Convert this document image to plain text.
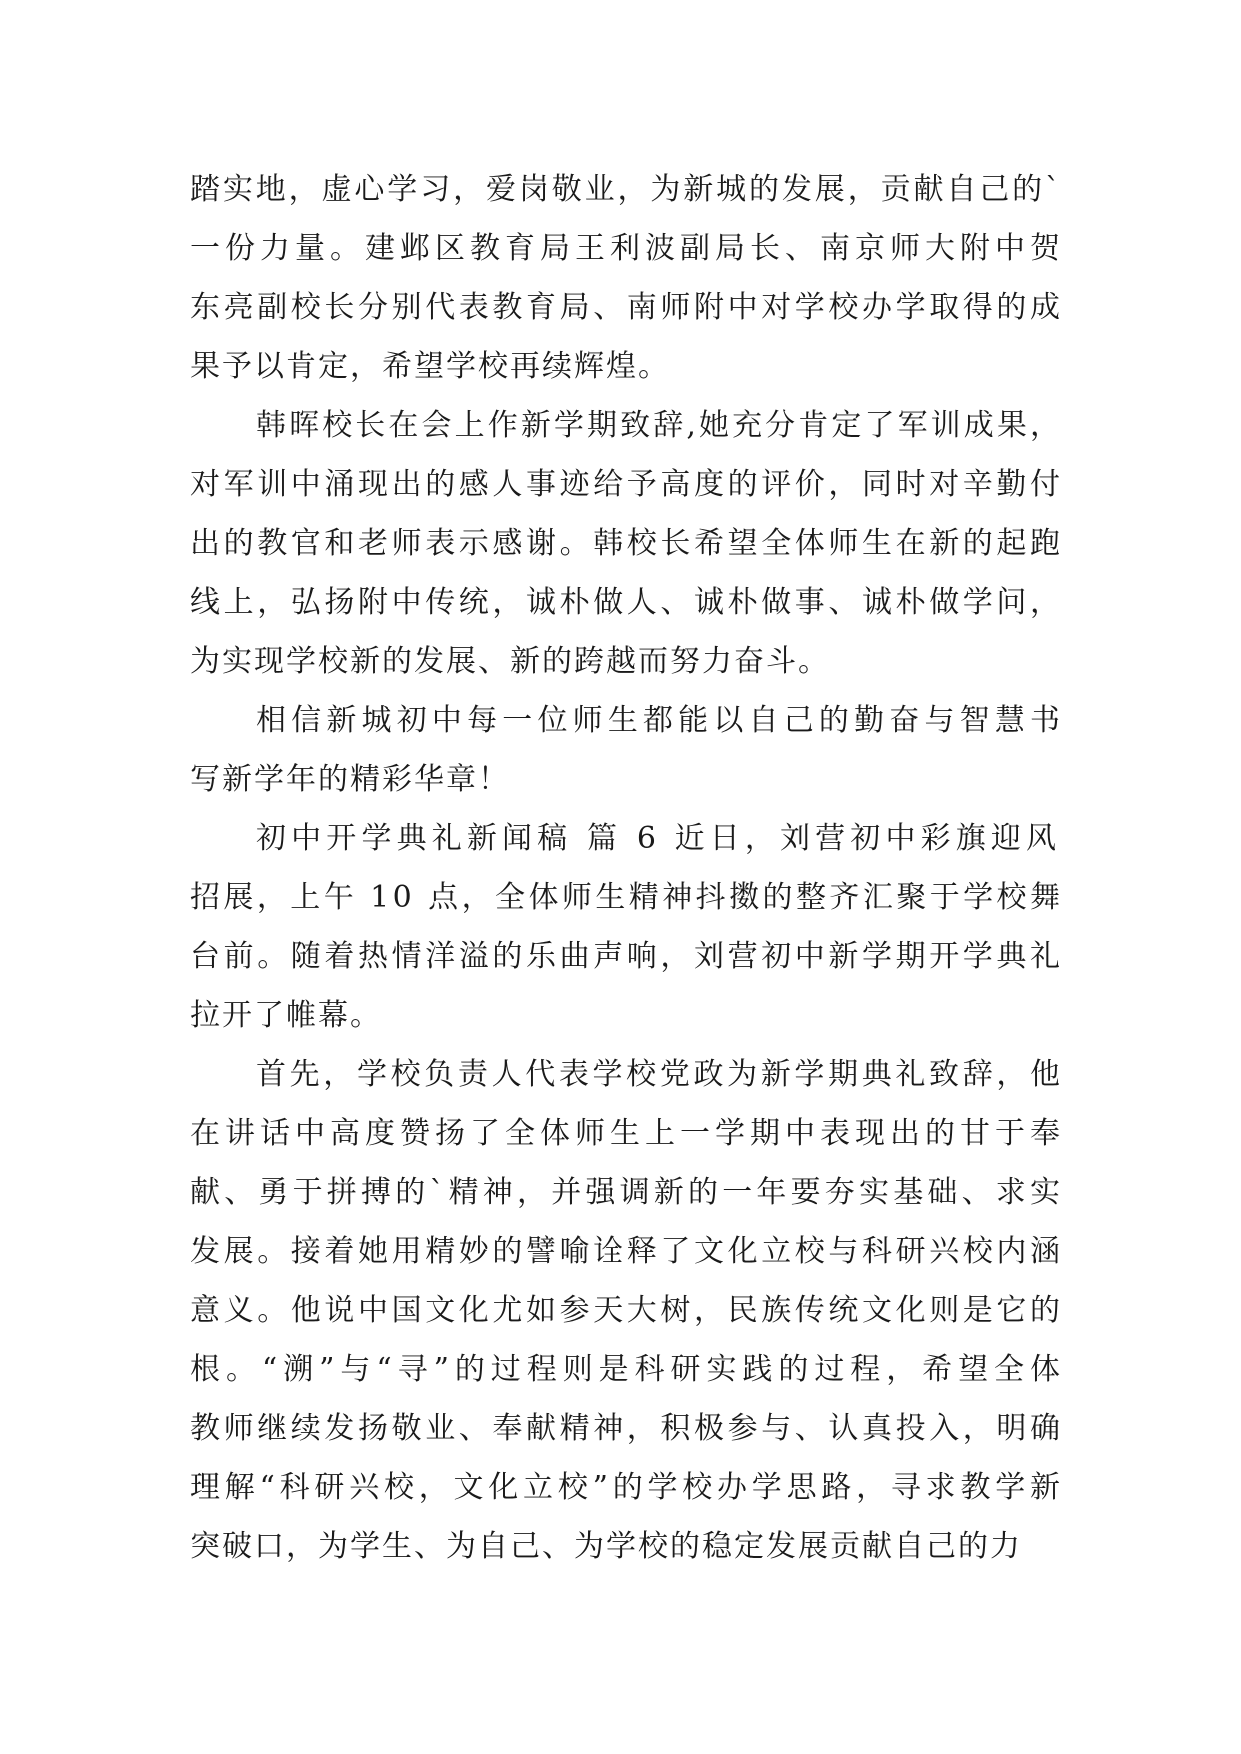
踏实地，虚心学习，爱岗敬业，为新城的发展，贡献自己的`
一份力量。建邺区教育局王利波副局长、南京师大附中贺
东亮副校长分别代表教育局、南师附中对学校办学取得的成
果予以肯定，希望学校再续辉煌。
韩晖校长在会上作新学期致辞,她充分肯定了军训成果，
对军训中涌现出的感人事迹给予高度的评价，同时对辛勤付
出的教官和老师表示感谢。韩校长希望全体师生在新的起跑
线上，弘扬附中传统，诚朴做人、诚朴做事、诚朴做学问，
为实现学校新的发展、新的跨越而努力奋斗。
相信新城初中每一位师生都能以自己的勤奋与智慧书
写新学年的精彩华章！
初中开学典礼新闻稿 篇 6 近日，刘营初中彩旗迎风
招展，上午 10 点，全体师生精神抖擞的整齐汇聚于学校舞
台前。随着热情洋溢的乐曲声响，刘营初中新学期开学典礼
拉开了帷幕。
首先，学校负责人代表学校党政为新学期典礼致辞，他
在讲话中高度赞扬了全体师生上一学期中表现出的甘于奉
献、勇于拼搏的`精神，并强调新的一年要夯实基础、求实
发展。接着她用精妙的譬喻诠释了文化立校与科研兴校内涵
意义。他说中国文化尤如参天大树，民族传统文化则是它的
根。“溯”与“寻”的过程则是科研实践的过程，希望全体
教师继续发扬敬业、奉献精神，积极参与、认真投入，明确
理解“科研兴校，文化立校”的学校办学思路，寻求教学新
突破口，为学生、为自己、为学校的稳定发展贡献自己的力
